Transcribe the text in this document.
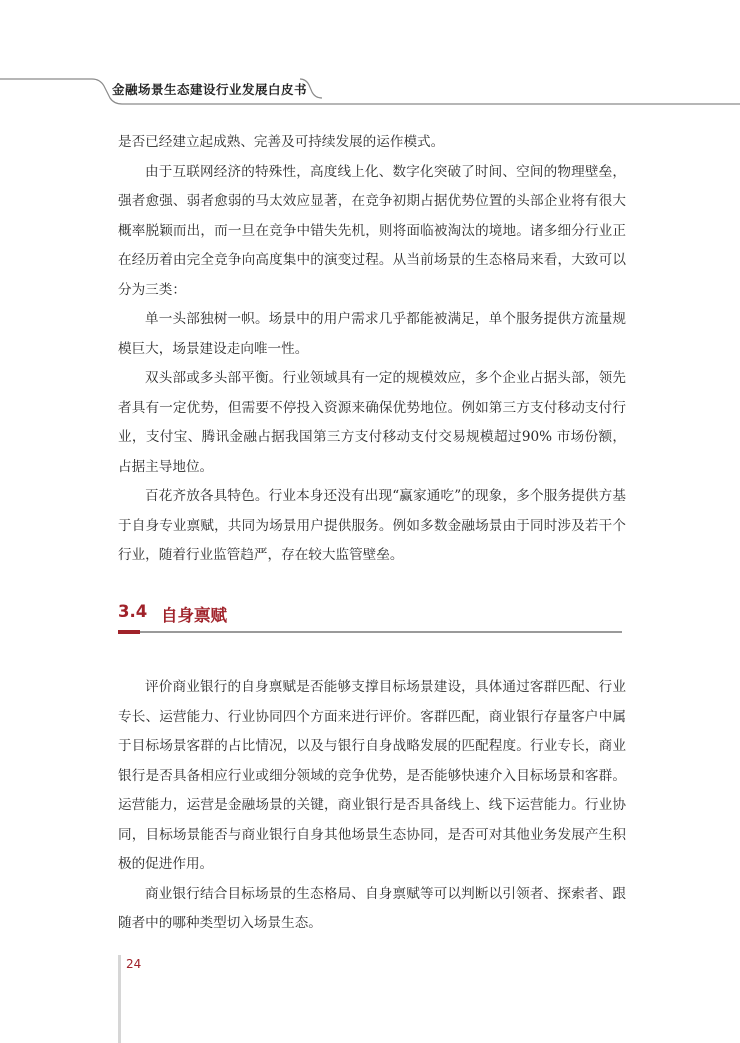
金融场景生态建设行业发展白皮书

是否已经建立起成熟、完善及可持续发展的运作模式。

由于互联网经济的特殊性，高度线上化、数字化突破了时间、空间的物理壁垒，强者愈强、弱者愈弱的马太效应显著，在竞争初期占据优势位置的头部企业将有很大概率脱颖而出，而一旦在竞争中错失先机，则将面临被淘汰的境地。诸多细分行业正在经历着由完全竞争向高度集中的演变过程。从当前场景的生态格局来看，大致可以分为三类：

单一头部独树一帜。场景中的用户需求几乎都能被满足，单个服务提供方流量规模巨大，场景建设走向唯一性。

双头部或多头部平衡。行业领域具有一定的规模效应，多个企业占据头部，领先者具有一定优势，但需要不停投入资源来确保优势地位。例如第三方支付移动支付行业，支付宝、腾讯金融占据我国第三方支付移动支付交易规模超过90% 市场份额，占据主导地位。

百花齐放各具特色。行业本身还没有出现“赢家通吃”的现象，多个服务提供方基于自身专业禀赋，共同为场景用户提供服务。例如多数金融场景由于同时涉及若干个行业，随着行业监管趋严，存在较大监管壁垒。

3.4 自身禀赋

评价商业银行的自身禀赋是否能够支撑目标场景建设，具体通过客群匹配、行业专长、运营能力、行业协同四个方面来进行评价。客群匹配，商业银行存量客户中属于目标场景客群的占比情况，以及与银行自身战略发展的匹配程度。行业专长，商业银行是否具备相应行业或细分领域的竞争优势，是否能够快速介入目标场景和客群。运营能力，运营是金融场景的关键，商业银行是否具备线上、线下运营能力。行业协同，目标场景能否与商业银行自身其他场景生态协同，是否可对其他业务发展产生积极的促进作用。

商业银行结合目标场景的生态格局、自身禀赋等可以判断以引领者、探索者、跟随者中的哪种类型切入场景生态。

24
